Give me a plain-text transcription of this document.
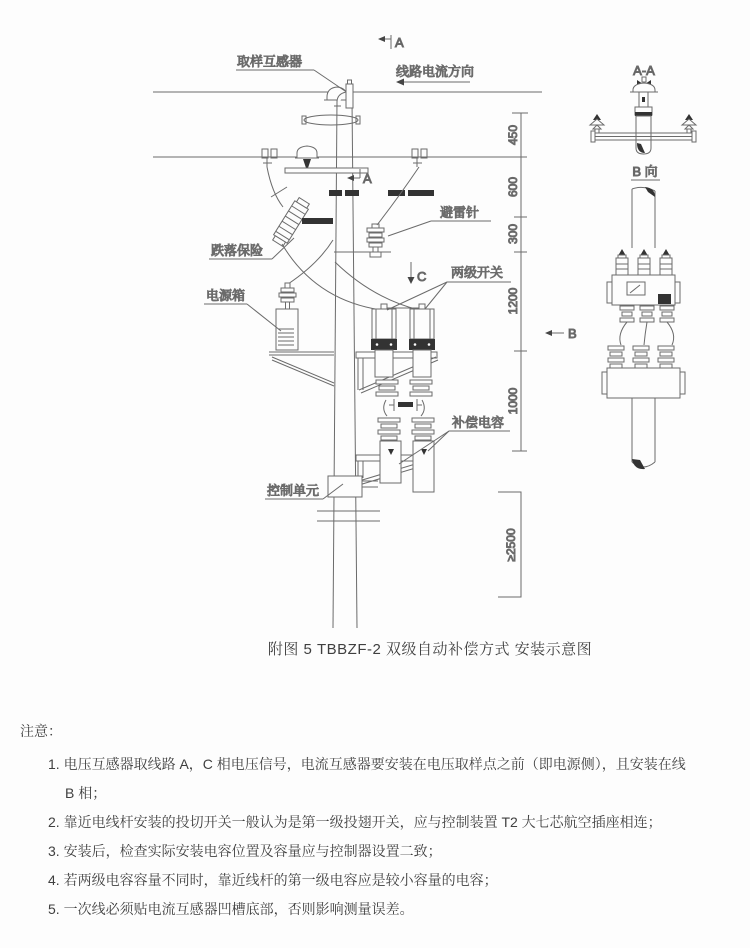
A
A
C
B
取样互感器
线路电流方向
避雷针
跌落保险
电源箱
两级开关
补偿电容
控制单元
450
600
300
1200
1000
≥2500
A-A
B 向
附图 5 TBBZF-2 双级自动补偿方式 安装示意图
注意：
1. 电压互感器取线路 A，C 相电压信号，电流互感器要安装在电压取样点之前（即电源侧），且安装在线 B 相；
2. 靠近电线杆安装的投切开关一般认为是第一级投翅开关，应与控制装置 T2 大七芯航空插座相连；
3. 安装后，检查实际安装电容位置及容量应与控制器设置二致；
4. 若两级电容容量不同时，靠近线杆的第一级电容应是较小容量的电容；
5. 一次线必须贴电流互感器凹槽底部，否则影响测量误差。
